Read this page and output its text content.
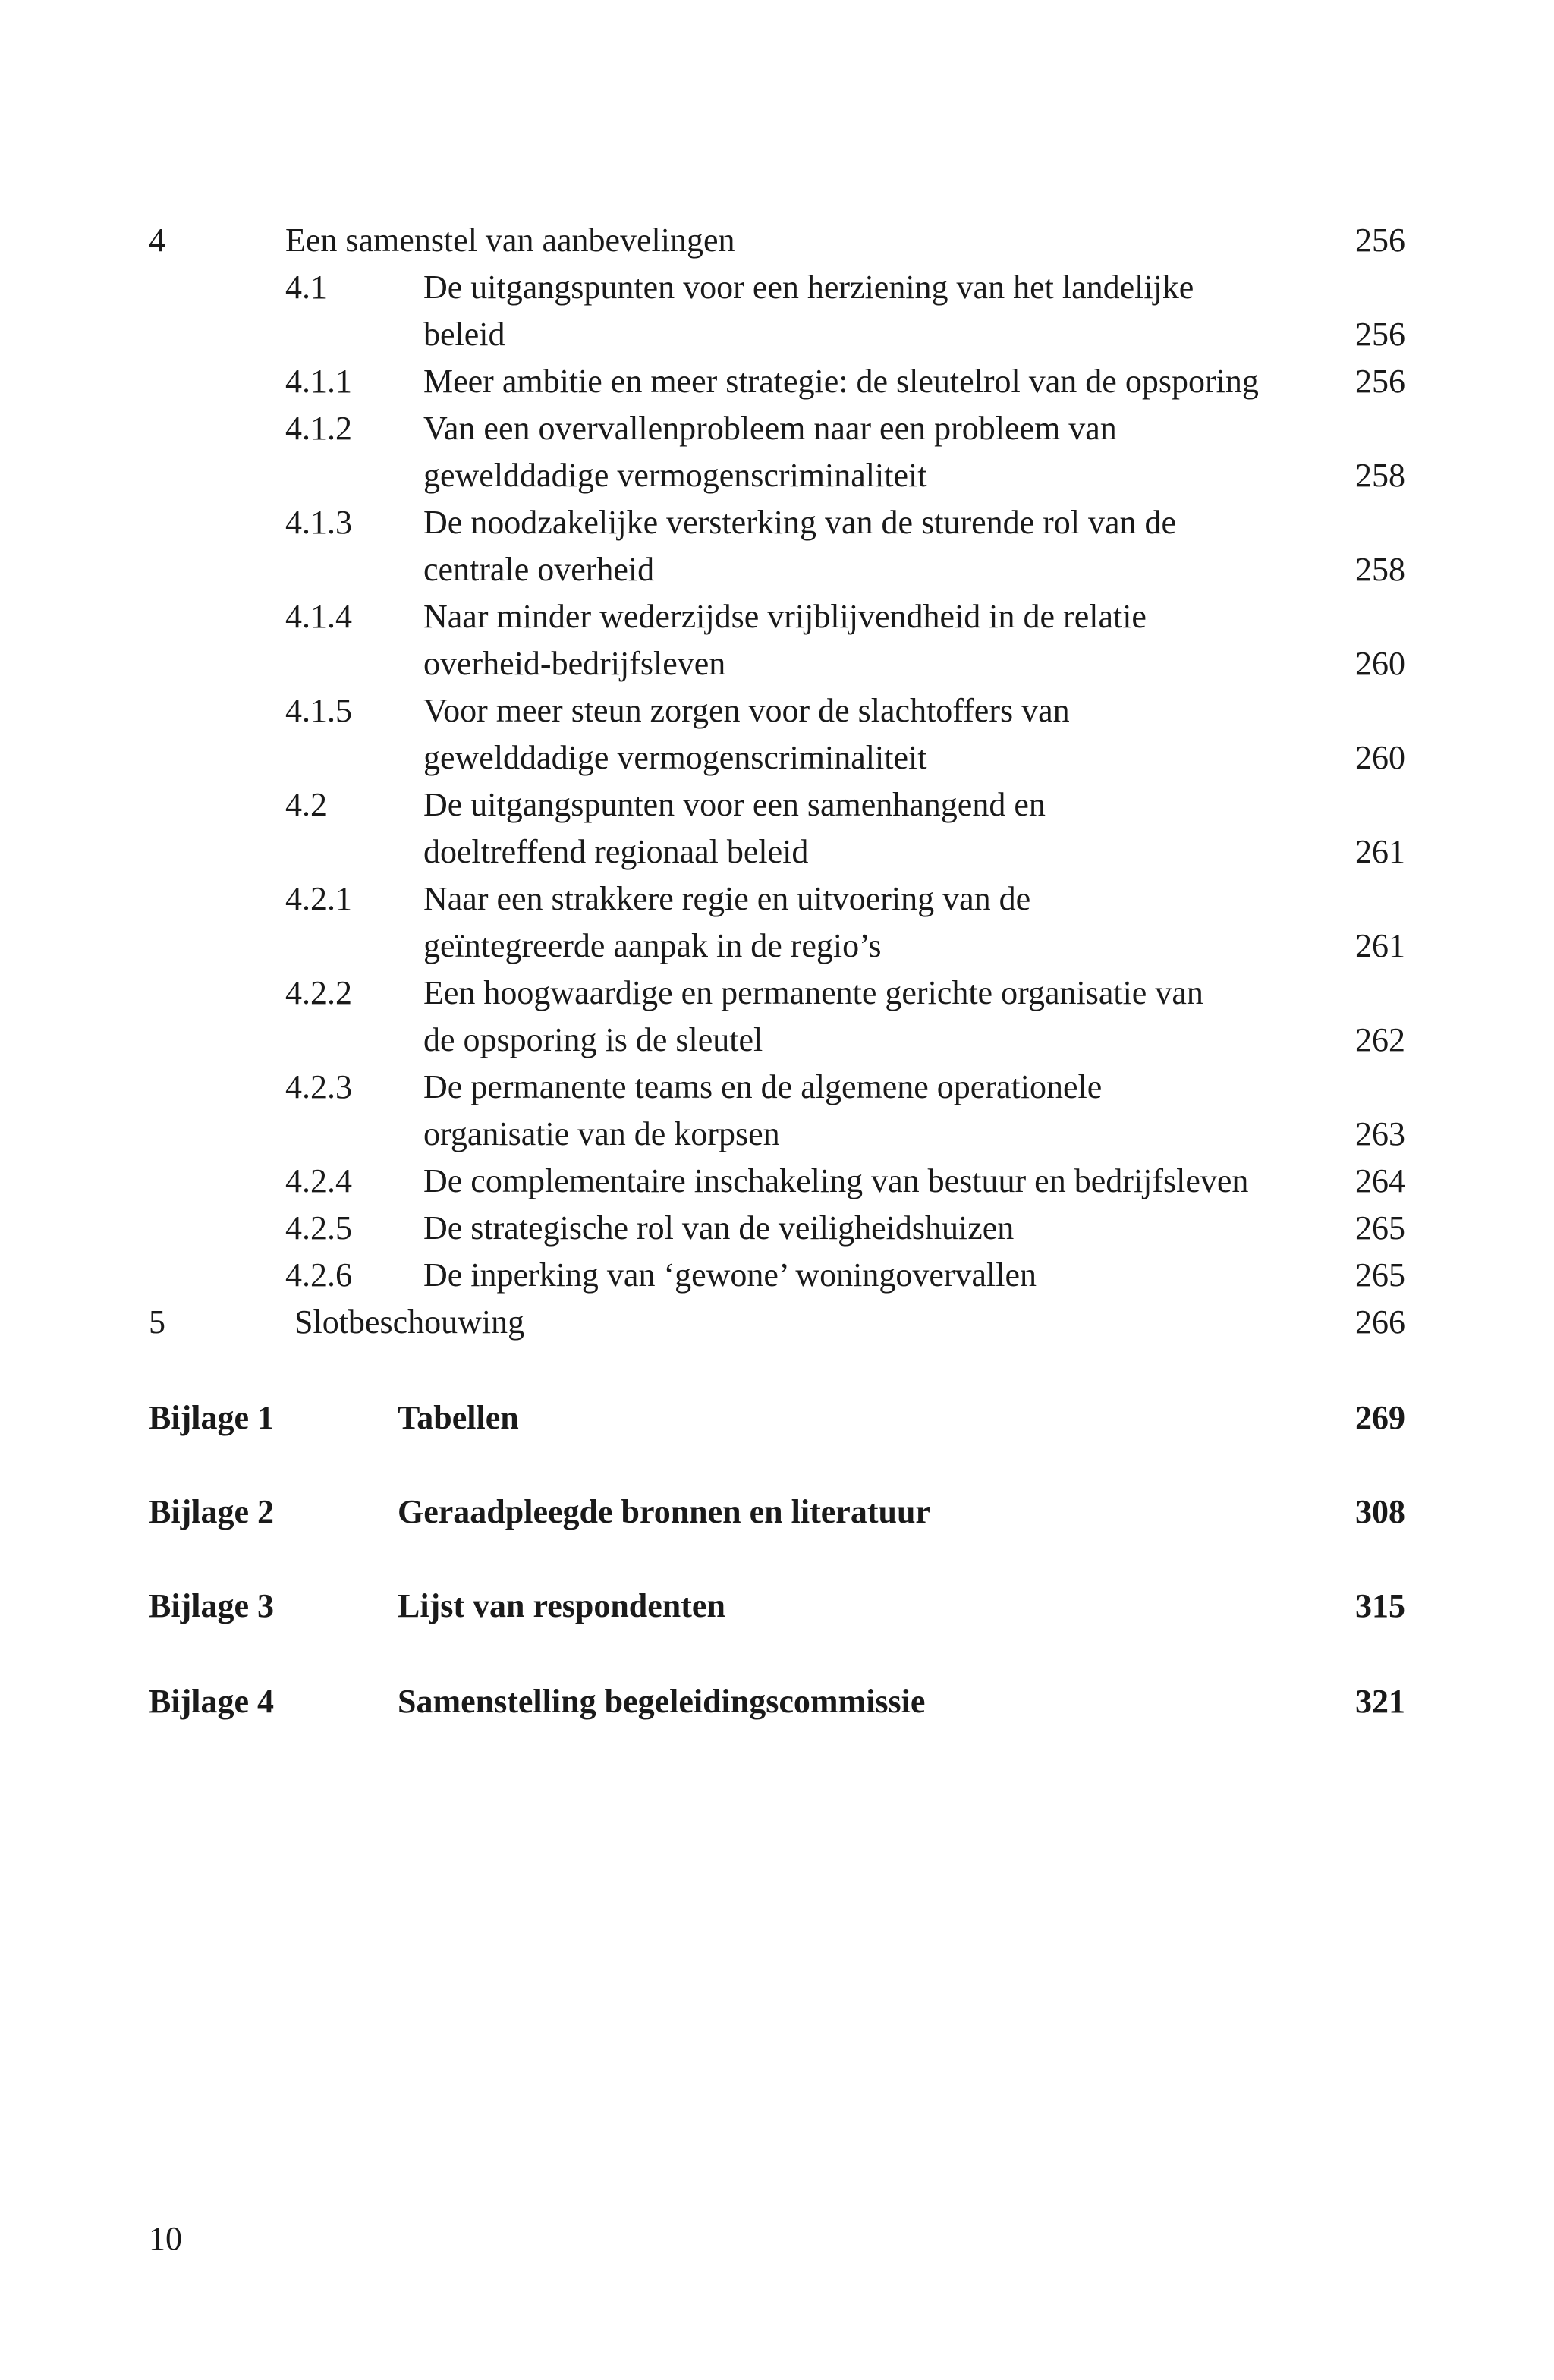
4	Een samenstel van aanbevelingen	256
4.1	De uitgangspunten voor een herziening van het landelijke
beleid	256
4.1.1 Meer ambitie en meer strategie: de sleutelrol van de opsporing	256
4.1.2 Van een overvallenprobleem naar een probleem van
gewelddadige vermogenscriminaliteit	258
4.1.3 De noodzakelijke versterking van de sturende rol van de
centrale overheid	258
4.1.4 Naar minder wederzijdse vrijblijvendheid in de relatie
overheid-bedrijfsleven	260
4.1.5 Voor meer steun zorgen voor de slachtoffers van
gewelddadige vermogenscriminaliteit	260
4.2	De uitgangspunten voor een samenhangend en
doeltreffend regionaal beleid	261
4.2.1 Naar een strakkere regie en uitvoering van de
geïntegreerde aanpak in de regio’s	261
4.2.2 Een hoogwaardige en permanente gerichte organisatie van
de opsporing is de sleutel	262
4.2.3 De permanente teams en de algemene operationele
organisatie van de korpsen	263
4.2.4 De complementaire inschakeling van bestuur en bedrijfsleven	264
4.2.5 De strategische rol van de veiligheidshuizen	265
4.2.6 De inperking van ‘gewone’ woningovervallen	265
5	Slotbeschouwing	266
Bijlage 1	Tabellen	269
Bijlage 2	Geraadpleegde bronnen en literatuur	308
Bijlage 3	Lijst van respondenten	315
Bijlage 4	Samenstelling begeleidingscommissie	321
10
